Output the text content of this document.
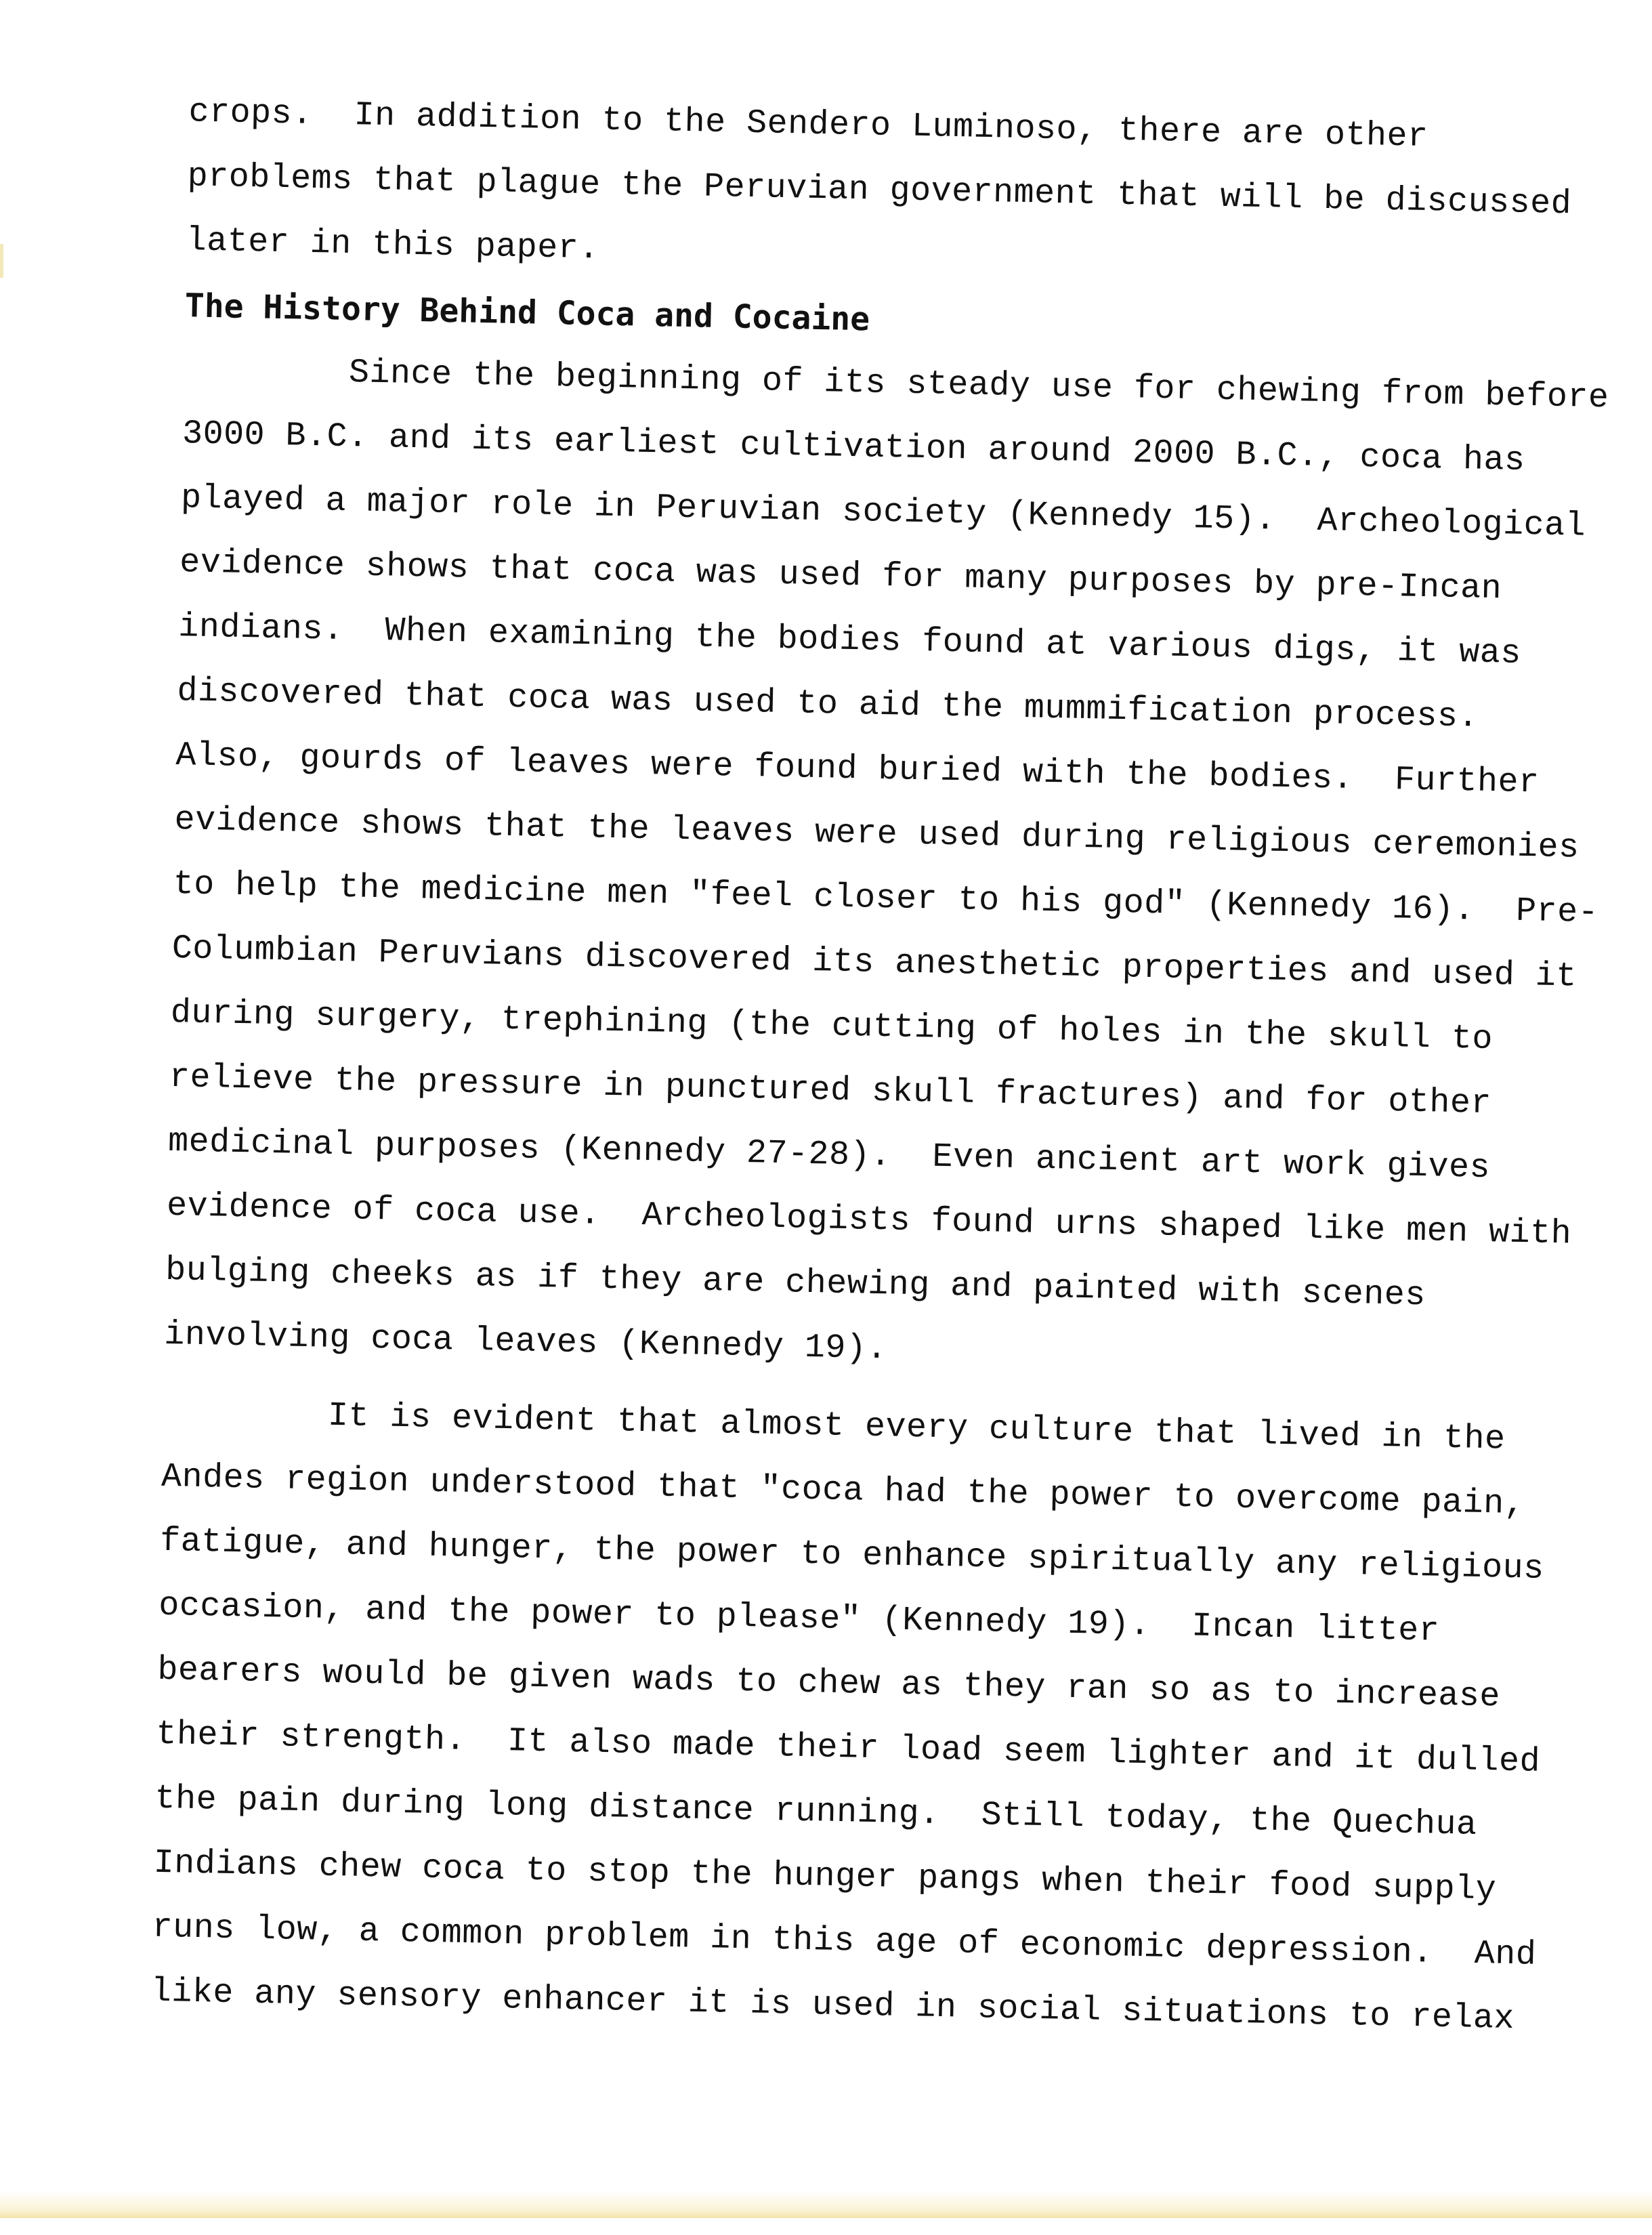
crops.  In addition to the Sendero Luminoso, there are other
problems that plague the Peruvian government that will be discussed
later in this paper.
The History Behind Coca and Cocaine
Since the beginning of its steady use for chewing from before
3000 B.C. and its earliest cultivation around 2000 B.C., coca has
played a major role in Peruvian society (Kennedy 15).  Archeological
evidence shows that coca was used for many purposes by pre-Incan
indians.  When examining the bodies found at various digs, it was
discovered that coca was used to aid the mummification process.
Also, gourds of leaves were found buried with the bodies.  Further
evidence shows that the leaves were used during religious ceremonies
to help the medicine men "feel closer to his god" (Kennedy 16).  Pre-
Columbian Peruvians discovered its anesthetic properties and used it
during surgery, trephining (the cutting of holes in the skull to
relieve the pressure in punctured skull fractures) and for other
medicinal purposes (Kennedy 27-28).  Even ancient art work gives
evidence of coca use.  Archeologists found urns shaped like men with
bulging cheeks as if they are chewing and painted with scenes
involving coca leaves (Kennedy 19).
It is evident that almost every culture that lived in the
Andes region understood that "coca had the power to overcome pain,
fatigue, and hunger, the power to enhance spiritually any religious
occasion, and the power to please" (Kennedy 19).  Incan litter
bearers would be given wads to chew as they ran so as to increase
their strength.  It also made their load seem lighter and it dulled
the pain during long distance running.  Still today, the Quechua
Indians chew coca to stop the hunger pangs when their food supply
runs low, a common problem in this age of economic depression.  And
like any sensory enhancer it is used in social situations to relax
